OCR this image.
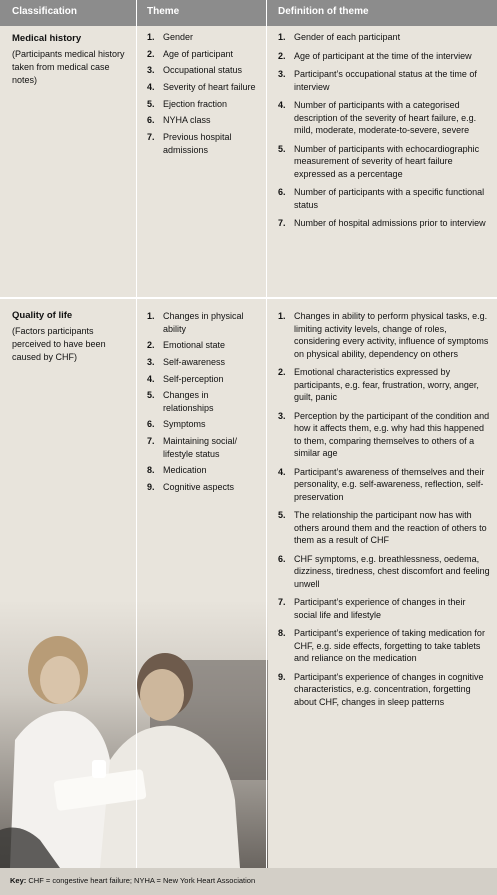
Classification	Theme	Definition of theme
Medical history
(Participants medical history taken from medical case notes)
Quality of life
(Factors participants perceived to have been caused by CHF)
1. Gender
2. Age of participant
3. Occupational status
4. Severity of heart failure
5. Ejection fraction
6. NYHA class
7. Previous hospital admissions
1. Gender of each participant
2. Age of participant at the time of the interview
3. Participant’s occupational status at the time of interview
4. Number of participants with a categorised description of the severity of heart failure, e.g. mild, moderate, moderate-to-severe, severe
5. Number of participants with echocardiographic measurement of severity of heart failure expressed as a percentage
6. Number of participants with a specific functional status
7. Number of hospital admissions prior to interview
1. Changes in physical ability
2. Emotional state
3. Self-awareness
4. Self-perception
5. Changes in relationships
6. Symptoms
7. Maintaining social/ lifestyle status
8. Medication
9. Cognitive aspects
1. Changes in ability to perform physical tasks, e.g. limiting activity levels, change of roles, considering every activity, influence of symptoms on physical ability, dependency on others
2. Emotional characteristics expressed by participants, e.g. fear, frustration, worry, anger, guilt, panic
3. Perception by the participant of the condition and how it affects them, e.g. why had this happened to them, comparing themselves to others of a similar age
4. Participant’s awareness of themselves and their personality, e.g. self-awareness, reflection, self-preservation
5. The relationship the participant now has with others around them and the reaction of others to them as a result of CHF
6. CHF symptoms, e.g. breathlessness, oedema, dizziness, tiredness, chest discomfort and feeling unwell
7. Participant’s experience of changes in their social life and lifestyle
8. Participant’s experience of taking medication for CHF, e.g. side effects, forgetting to take tablets and reliance on the medication
9. Participant’s experience of changes in cognitive characteristics, e.g. concentration, forgetting about CHF, changes in sleep patterns
Key: CHF = congestive heart failure; NYHA = New York Heart Association
